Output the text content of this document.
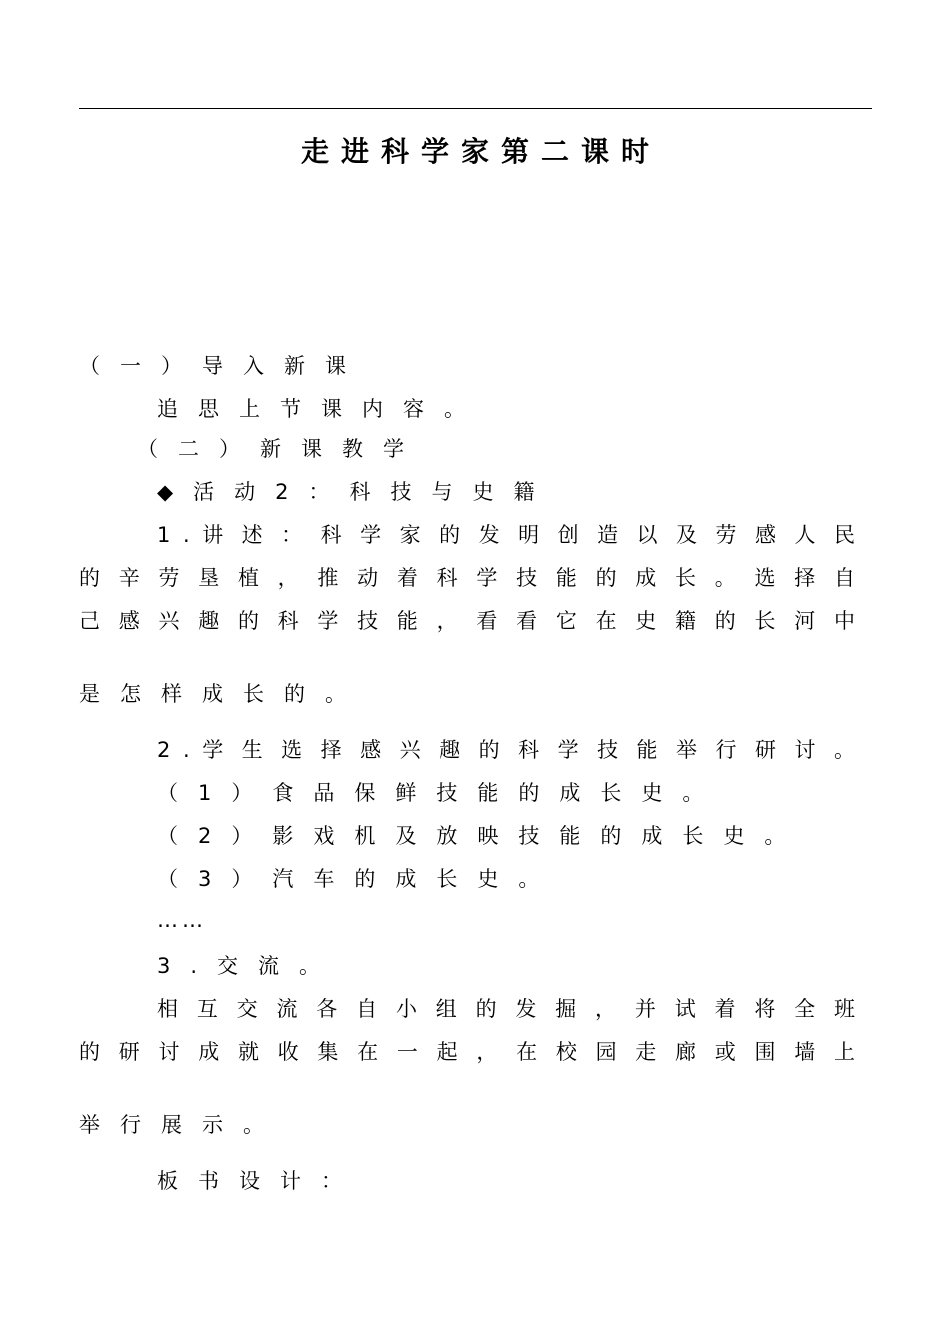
走进科学家第二课时
（一）导入新课
追思上节课内容。
（二）新课教学
◆活动2：科技与史籍
1 . 讲 述 ： 科 学 家 的 发 明 创 造 以 及 劳 感 人 民
的 辛 劳 垦 植 ， 推 动 着 科 学 技 能 的 成 长 。 选 择 自
己 感 兴 趣 的 科 学 技 能 ， 看 看 它 在 史 籍 的 长 河 中
是怎样成长的。
2 . 学 生 选 择 感 兴 趣 的 科 学 技 能 举 行 研 讨 。
（1）食品保鲜技能的成长史。
（2）影戏机及放映技能的成长史。
（3）汽车的成长史。
……
3.交流。
相 互 交 流 各 自 小 组 的 发 掘 ， 并 试 着 将 全 班
的 研 讨 成 就 收 集 在 一 起 ， 在 校 园 走 廊 或 围 墙 上
举行展示。
板书设计：
